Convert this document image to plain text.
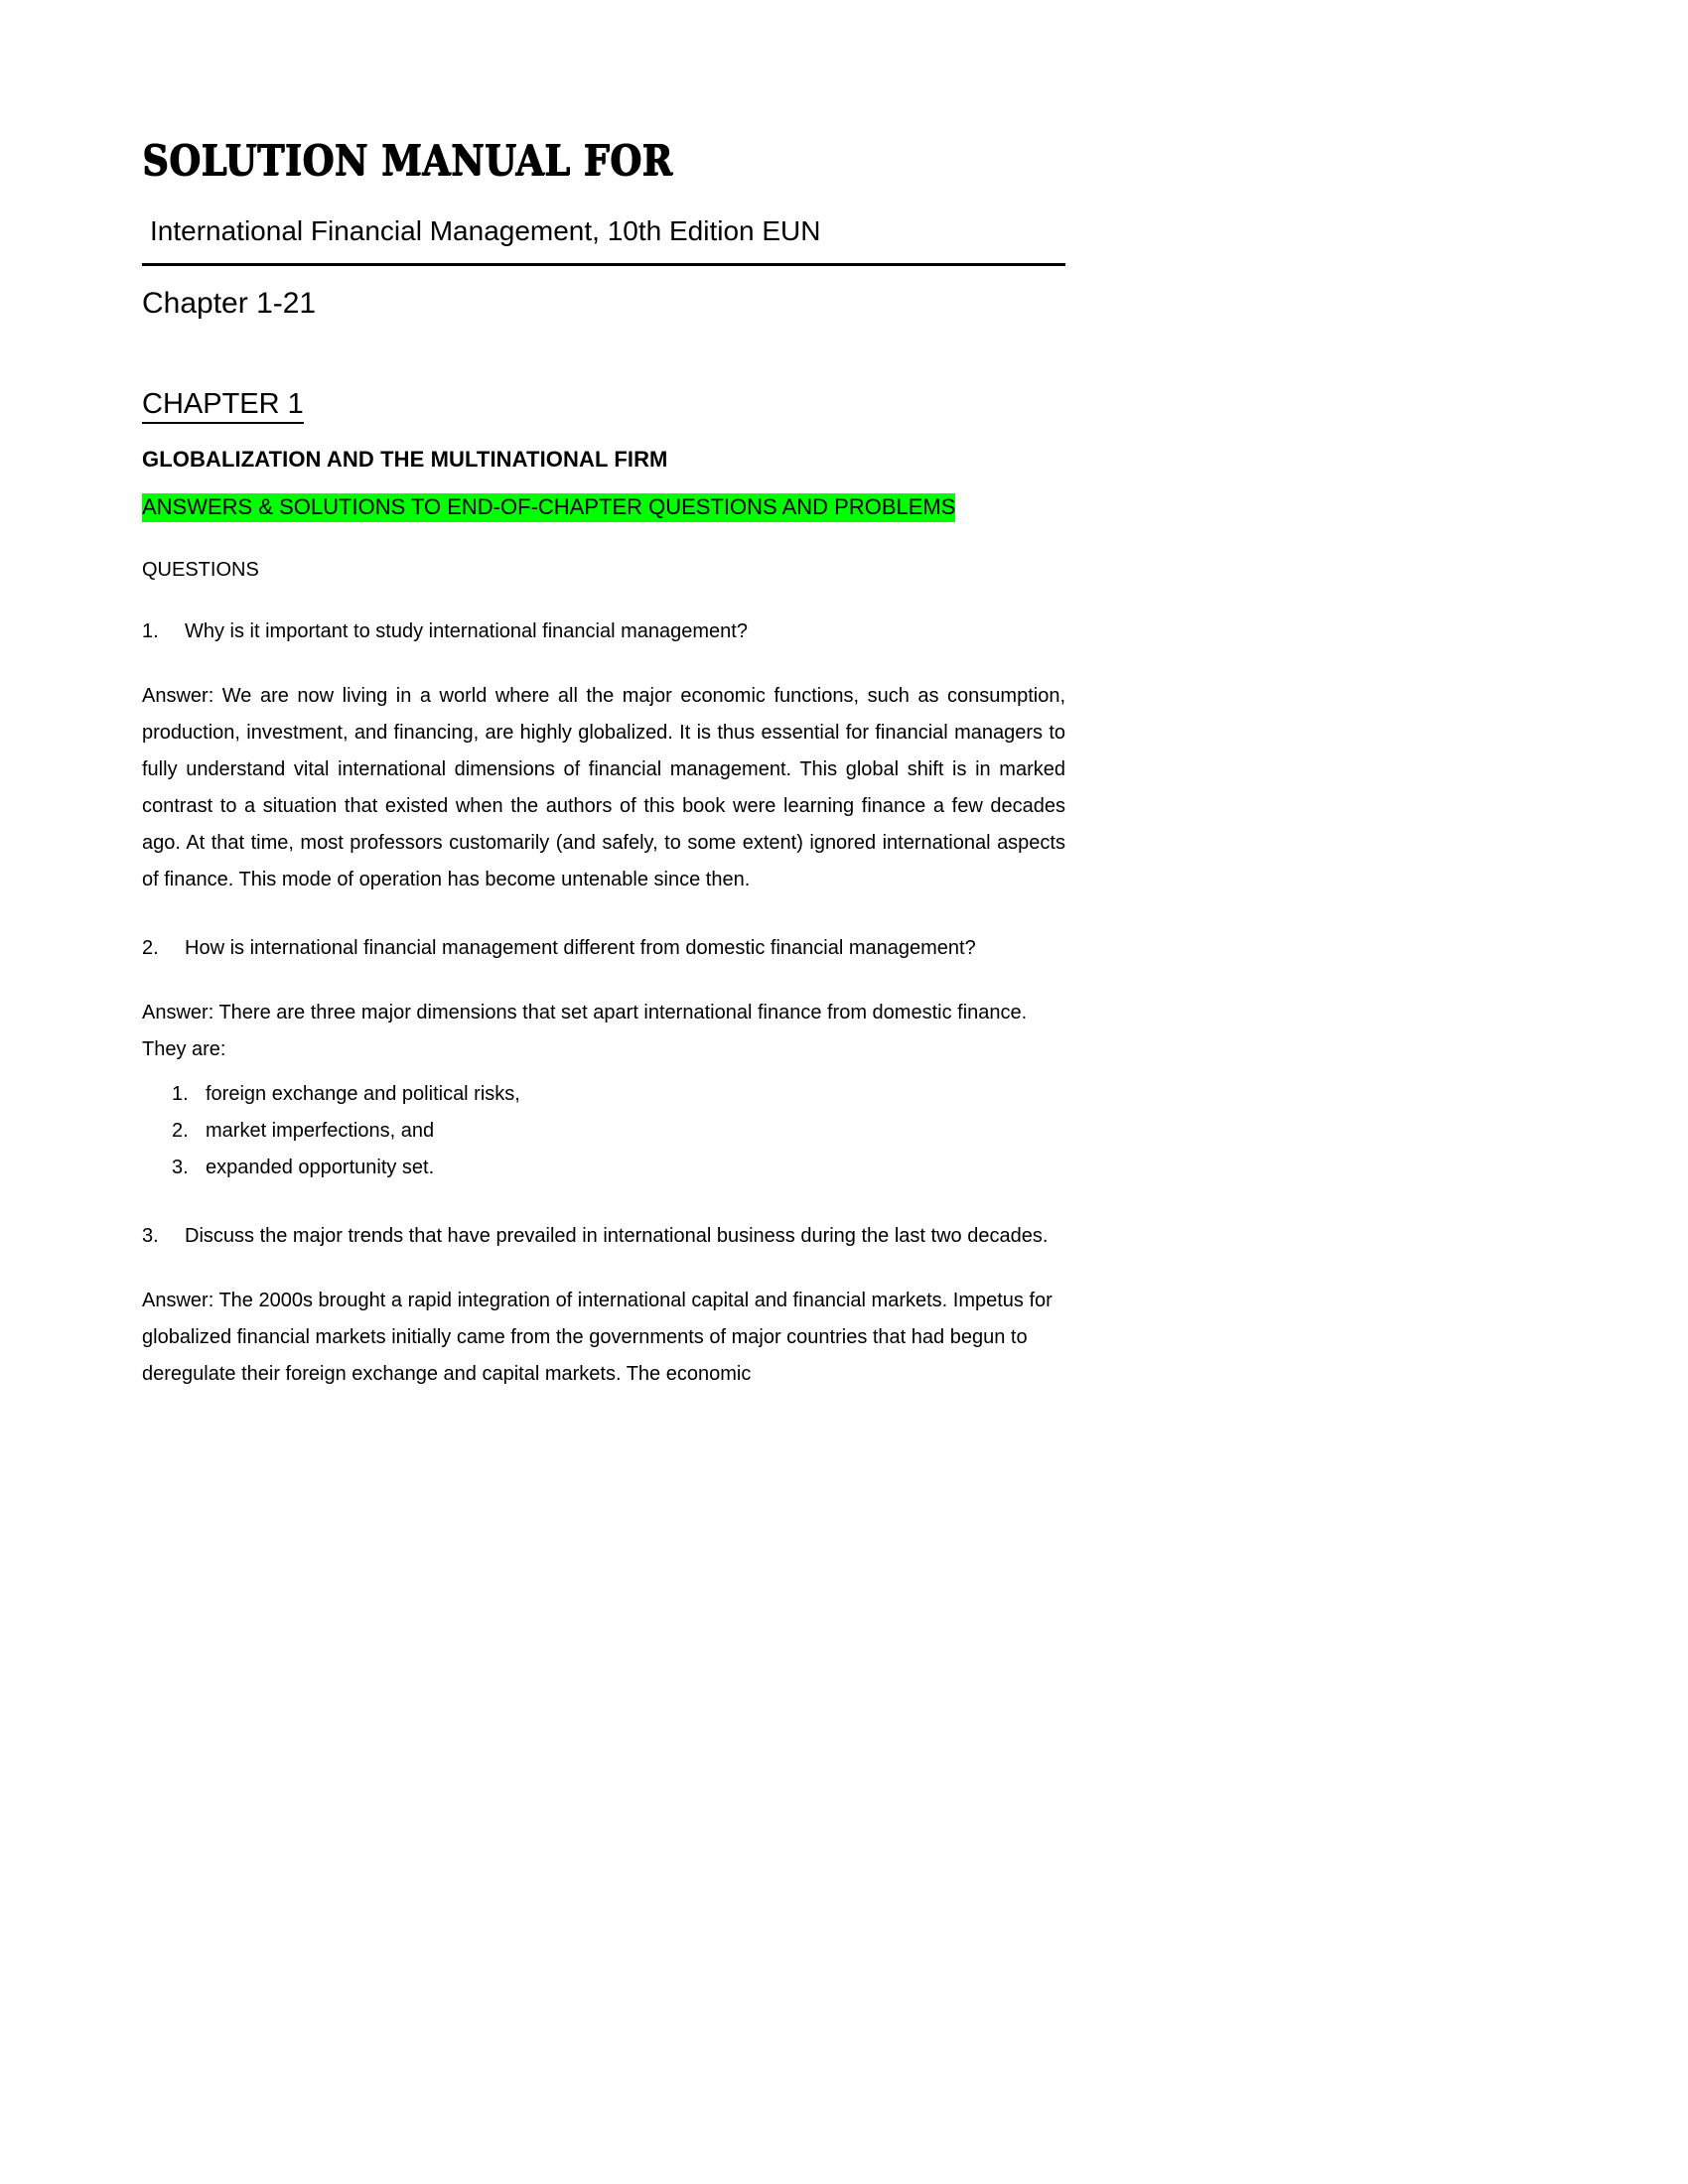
SOLUTION MANUAL FOR
International Financial Management, 10th Edition EUN
Chapter 1-21
CHAPTER 1
GLOBALIZATION AND THE MULTINATIONAL FIRM
ANSWERS & SOLUTIONS TO END-OF-CHAPTER QUESTIONS AND PROBLEMS
QUESTIONS
1. Why is it important to study international financial management?

Answer: We are now living in a world where all the major economic functions, such as consumption, production, investment, and financing, are highly globalized. It is thus essential for financial managers to fully understand vital international dimensions of financial management. This global shift is in marked contrast to a situation that existed when the authors of this book were learning finance a few decades ago. At that time, most professors customarily (and safely, to some extent) ignored international aspects of finance. This mode of operation has become untenable since then.

2. How is international financial management different from domestic financial management?

Answer: There are three major dimensions that set apart international finance from domestic finance. They are:

1. foreign exchange and political risks,
2. market imperfections, and
3. expanded opportunity set.
3. Discuss the major trends that have prevailed in international business during the last two decades.

Answer: The 2000s brought a rapid integration of international capital and financial markets. Impetus for globalized financial markets initially came from the governments of major countries that had begun to deregulate their foreign exchange and capital markets. The economic
